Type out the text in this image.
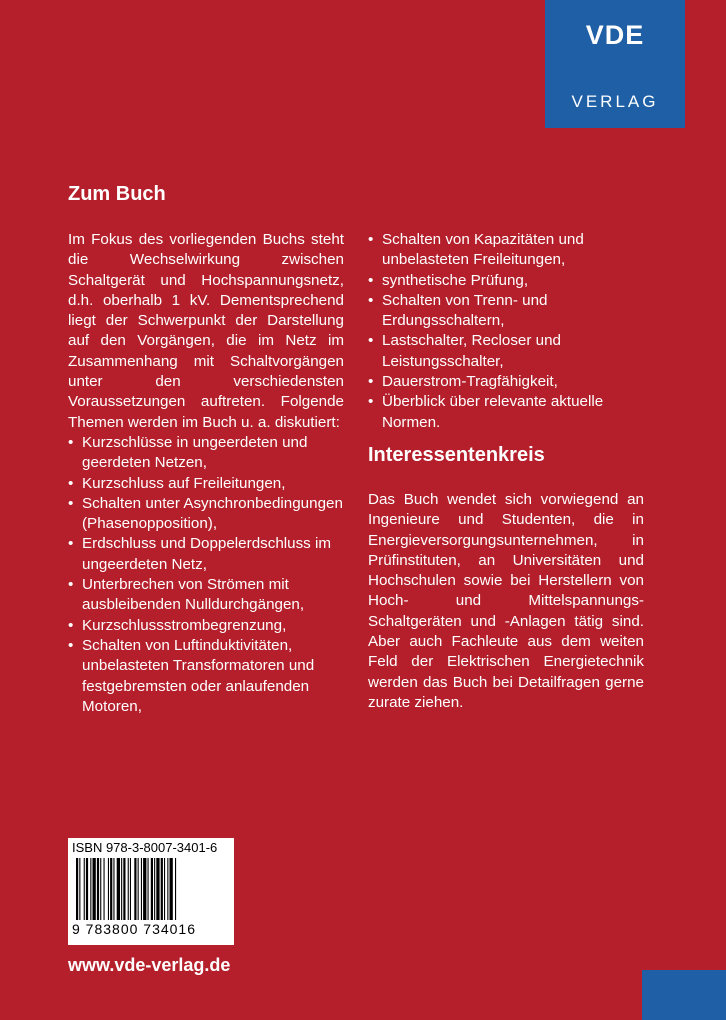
VDE
VERLAG
Zum Buch

Im Fokus des vorliegenden Buchs steht die Wechselwirkung zwischen Schaltgerät und Hochspannungsnetz, d.h. oberhalb 1 kV. Dementsprechend liegt der Schwerpunkt der Darstellung auf den Vorgängen, die im Netz im Zusammenhang mit Schaltvorgängen unter den verschiedensten Voraussetzungen auftreten. Folgende Themen werden im Buch u. a. diskutiert:

• Kurzschlüsse in ungeerdeten und geerdeten Netzen,
• Kurzschluss auf Freileitungen,
• Schalten unter Asynchronbedingungen (Phasenopposition),
• Erdschluss und Doppelerdschluss im ungeerdeten Netz,
• Unterbrechen von Strömen mit ausbleibenden Nulldurchgängen,
• Kurzschlussstrombegrenzung,
• Schalten von Luftinduktivitäten, unbelasteten Transformatoren und festgebremsten oder anlaufenden Motoren,
• Schalten von Kapazitäten und unbelasteten Freileitungen,
• synthetische Prüfung,
• Schalten von Trenn- und Erdungsschaltern,
• Lastschalter, Recloser und Leistungsschalter,
• Dauerstrom-Tragfähigkeit,
• Überblick über relevante aktuelle Normen.
Interessentenkreis

Das Buch wendet sich vorwiegend an Ingenieure und Studenten, die in Energieversorgungsunternehmen, in Prüfinstituten, an Universitäten und Hochschulen sowie bei Herstellern von Hoch- und Mittelspannungs-Schaltgeräten und -Anlagen tätig sind. Aber auch Fachleute aus dem weiten Feld der Elektrischen Energietechnik werden das Buch bei Detailfragen gerne zurate ziehen.

ISBN 978-3-8007-3401-6
9 783800 734016
www.vde-verlag.de
